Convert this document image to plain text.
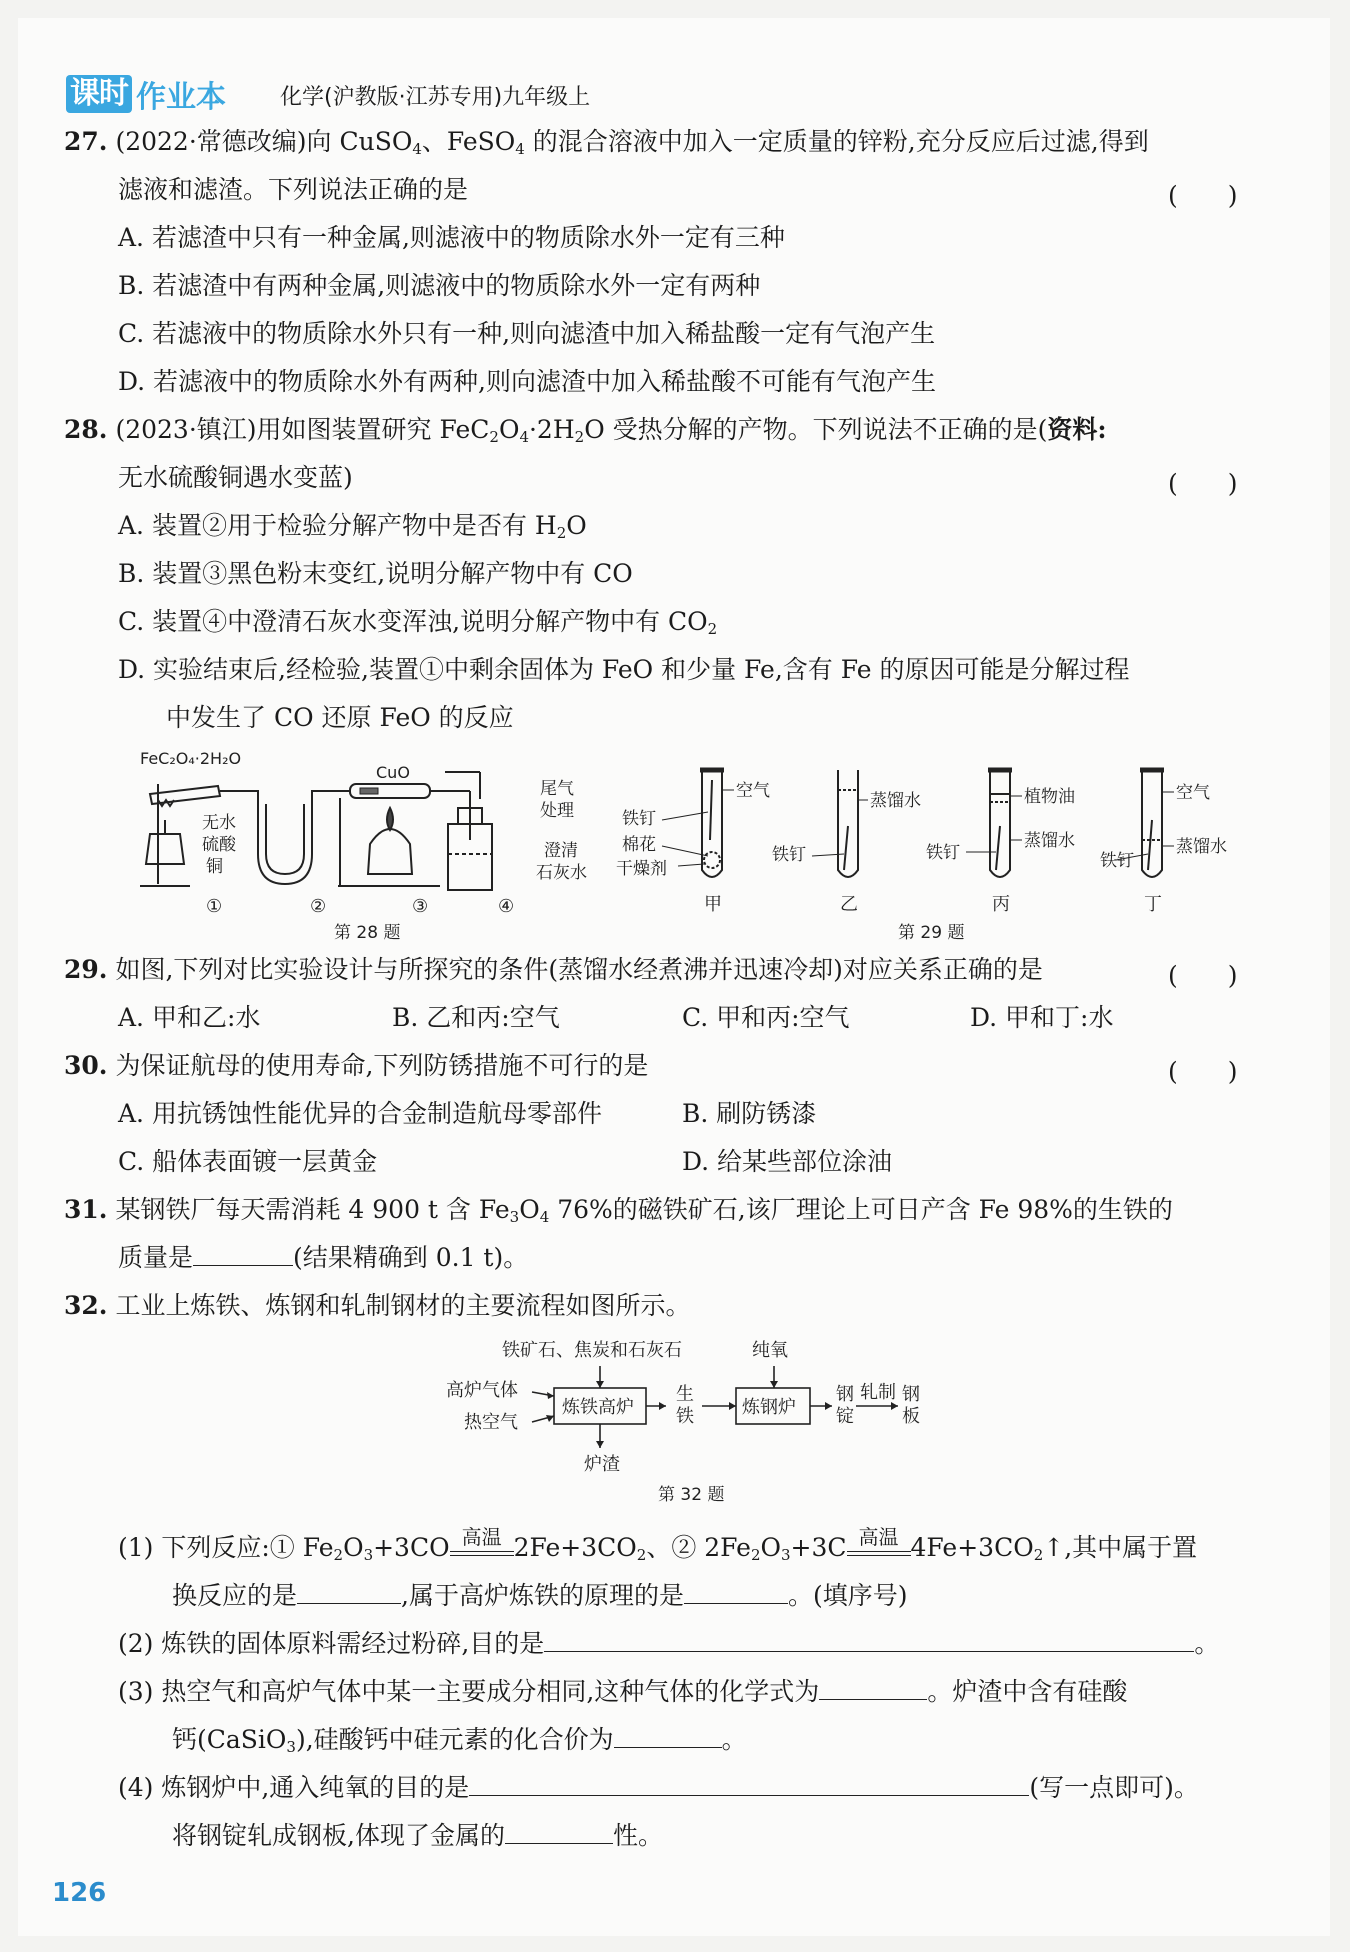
课时 作业本 化学(沪教版·江苏专用)九年级上
27. (2022·常德改编)向 CuSO$_4$、FeSO$_4$ 的混合溶液中加入一定质量的锌粉,充分反应后过滤,得到
滤液和滤渣。下列说法正确的是	(　　)
A. 若滤渣中只有一种金属,则滤液中的物质除水外一定有三种
B. 若滤渣中有两种金属,则滤液中的物质除水外一定有两种
C. 若滤液中的物质除水外只有一种,则向滤渣中加入稀盐酸一定有气泡产生
D. 若滤液中的物质除水外有两种,则向滤渣中加入稀盐酸不可能有气泡产生
28. (2023·镇江)用如图装置研究 $FeC_2O_4\cdot 2H_2O$ 受热分解的产物。下列说法不正确的是(资料:
无水硫酸铜遇水变蓝)	(　　)
A. 装置②用于检验分解产物中是否有 $H_2O$
B. 装置③黑色粉末变红,说明分解产物中有 CO
C. 装置④中澄清石灰水变浑浊,说明分解产物中有 $CO_2$
D. 实验结束后,经检验,装置①中剩余固体为 FeO 和少量 Fe,含有 Fe 的原因可能是分解过程
中发生了 CO 还原 FeO 的反应
FeC₂O₄·2H₂O
CuO
无水
硫酸
铜
尾气
处理
澄清
石灰水
①	②	③	④
第 28 题
空气
铁钉
棉花
干燥剂
蒸馏水
铁钉
植物油
蒸馏水
铁钉
空气
蒸馏水
铁钉
甲	乙	丙	丁
第 29 题
29. 如图,下列对比实验设计与所探究的条件(蒸馏水经煮沸并迅速冷却)对应关系正确的是	(　　)
A. 甲和乙:水	B. 乙和丙:空气	C. 甲和丙:空气	D. 甲和丁:水
30. 为保证航母的使用寿命,下列防锈措施不可行的是	(　　)
A. 用抗锈蚀性能优异的合金制造航母零部件	B. 刷防锈漆
C. 船体表面镀一层黄金	D. 给某些部位涂油
31. 某钢铁厂每天需消耗 4 900 t 含 $Fe_3O_4$ 76%的磁铁矿石,该厂理论上可日产含 Fe 98%的生铁的
质量是	(结果精确到 0.1 t)。
32. 工业上炼铁、炼钢和轧制钢材的主要流程如图所示。
铁矿石、焦炭和石灰石	纯氧
高炉气体
热空气
炼铁高炉
生
铁	炼钢炉
钢
锭
轧制 钢
板
炉渣
第 32 题
(1) 下列反应:① $Fe_2O_3+3CO$ 高温 $2Fe+3CO_2$、② $2Fe_2O_3+3C$ 高温 $4Fe+3CO_2↑$,其中属于置
换反应的是	,属于高炉炼铁的原理的是	。(填序号)
(2) 炼铁的固体原料需经过粉碎,目的是	。
(3) 热空气和高炉气体中某一主要成分相同,这种气体的化学式为	。炉渣中含有硅酸
钙(CaSiO$_3$),硅酸钙中硅元素的化合价为	。
(4) 炼钢炉中,通入纯氧的目的是	(写一点即可)。
将钢锭轧成钢板,体现了金属的	性。
126
